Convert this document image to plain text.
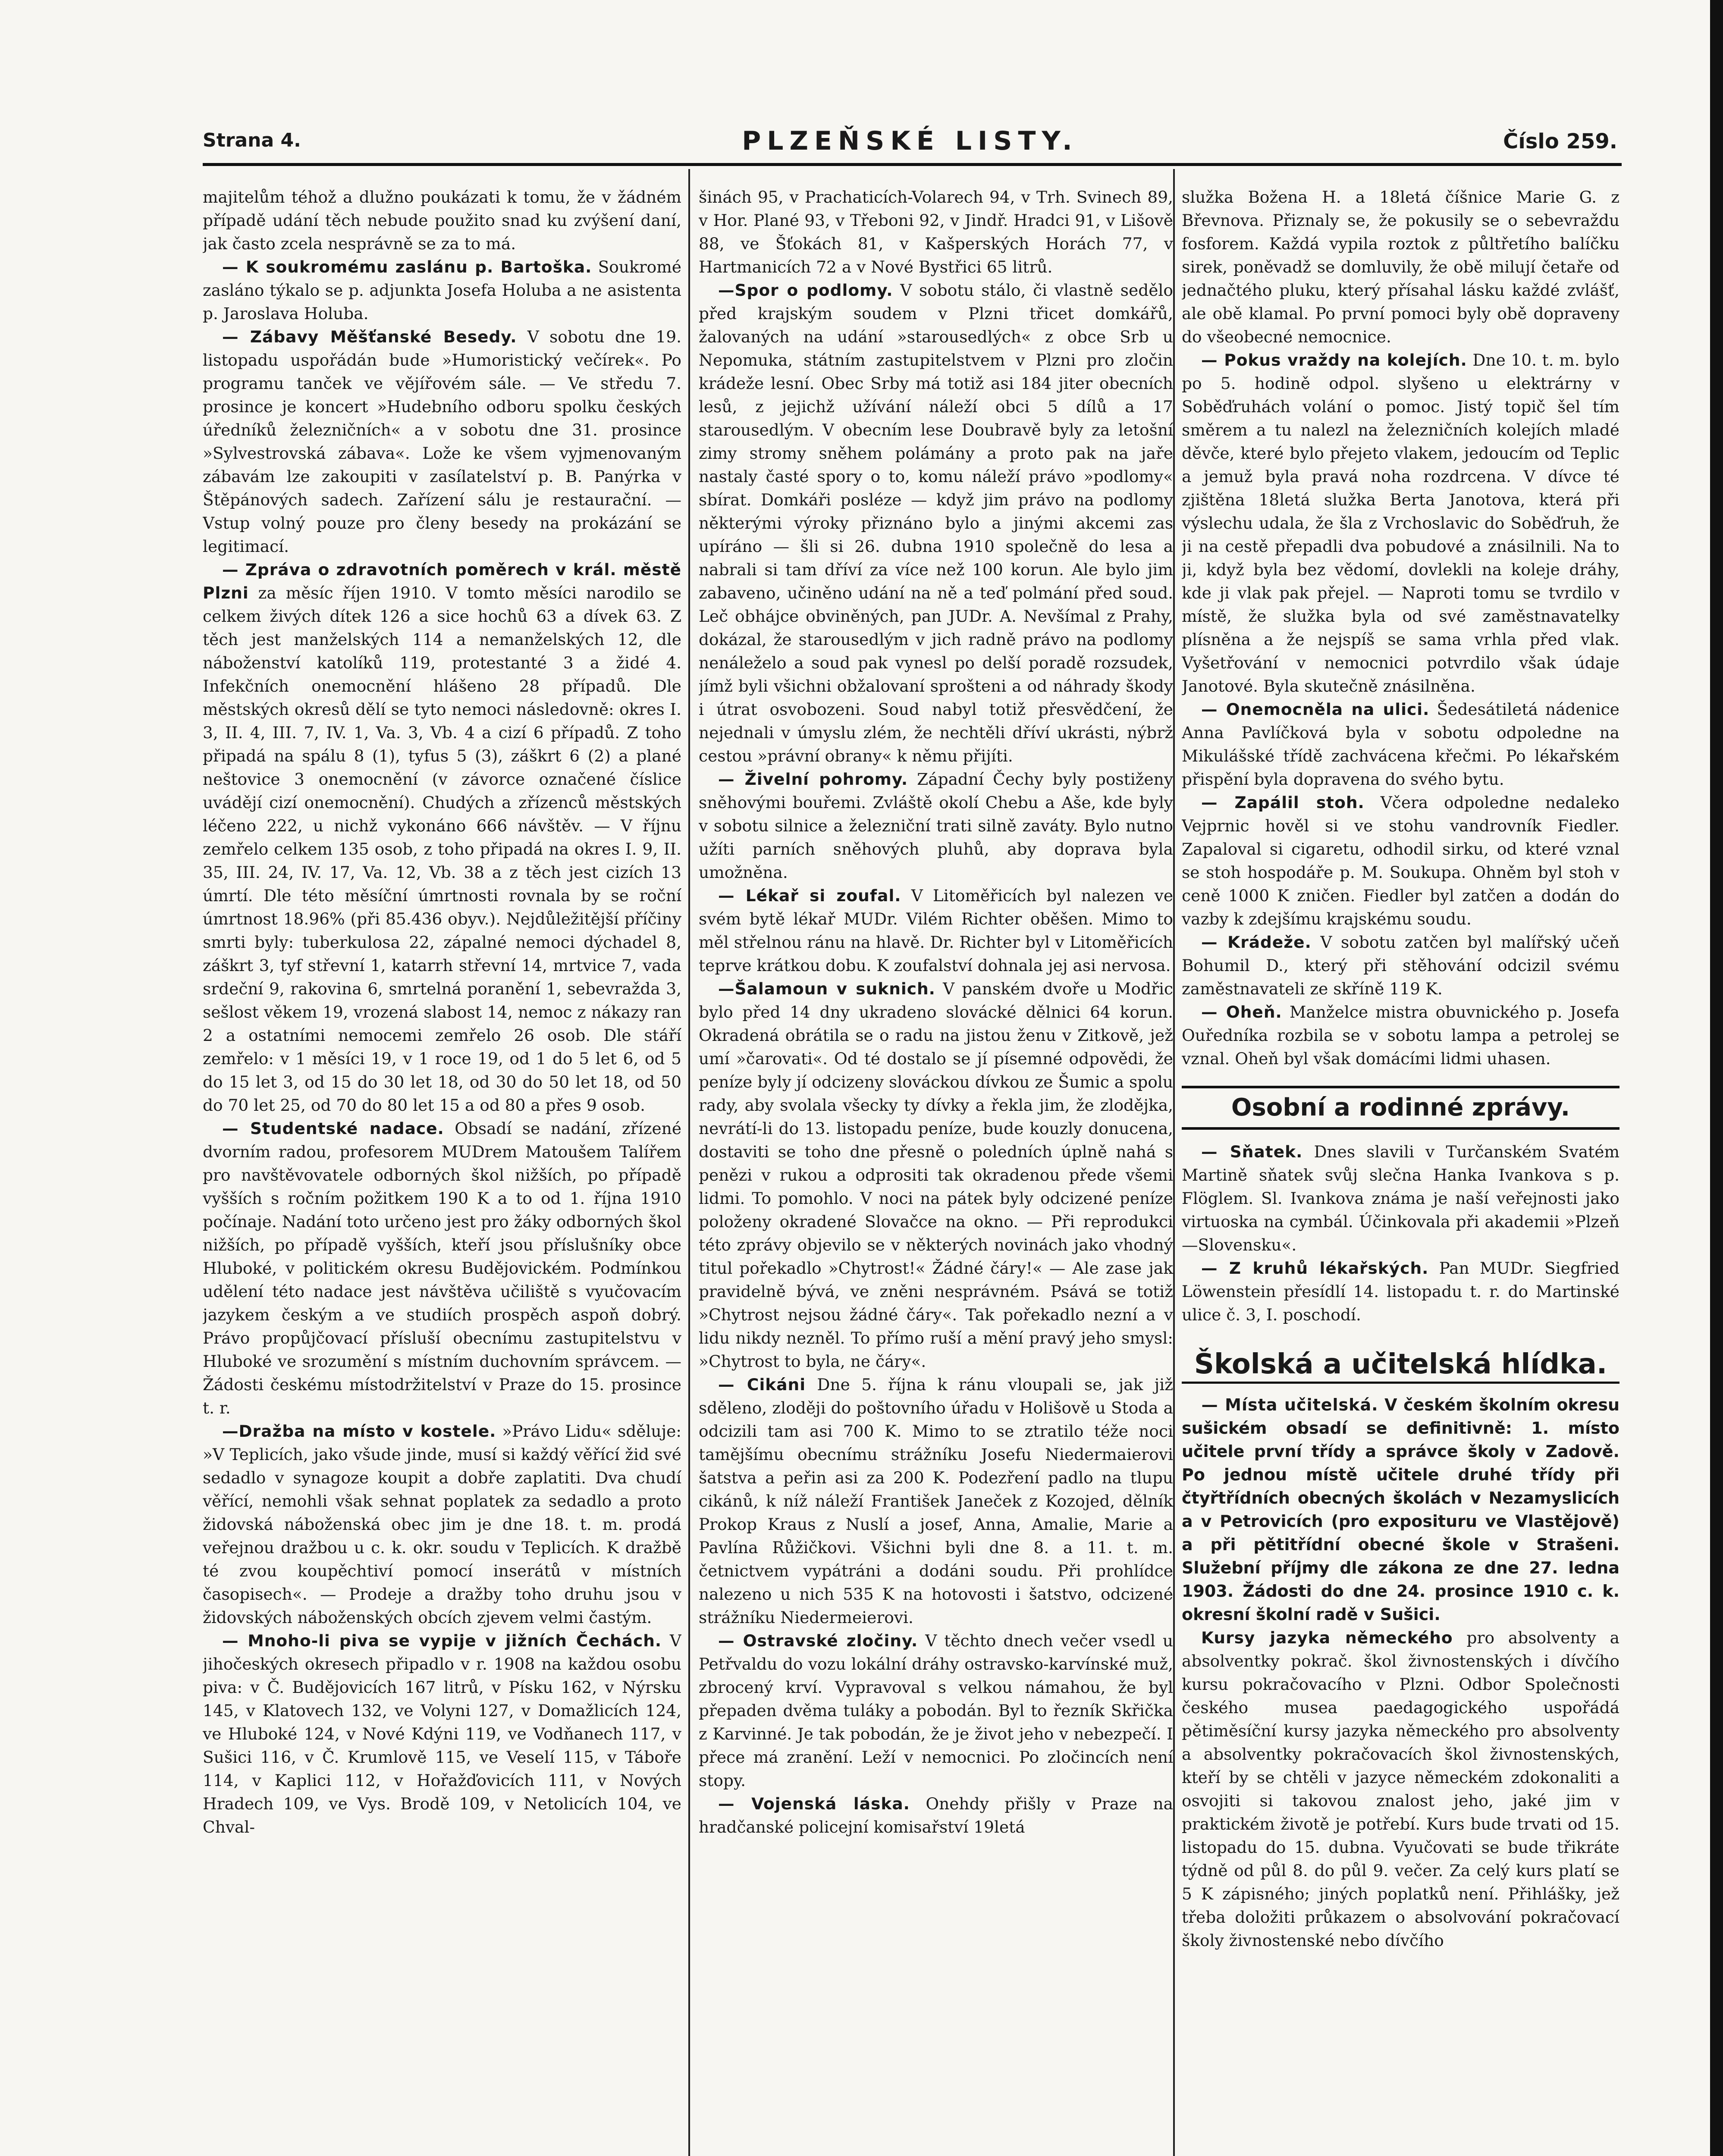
Strana 4.	PLZEŇSKÉ LISTY.	Číslo 259.

majitelům téhož a dlužno poukázati k tomu, že v žádném případě udání těch nebude použito snad ku zvýšení daní, jak často zcela nesprávně se za to má.

— K soukromému zaslánu p. Bartoška. Soukromé zasláno týkalo se p. adjunkta Josefa Holuba a ne asistenta p. Jaroslava Holuba.

— Zábavy Měšťanské Besedy. V sobotu dne 19. listopadu uspořádán bude »Humoristický večírek«. Po programu tanček ve vějířovém sále. — Ve středu 7. prosince je koncert »Hudebního odboru spolku českých úředníků železničních« a v sobotu dne 31. prosince »Sylvestrovská zábava«. Lože ke všem vyjmenovaným zábavám lze zakoupiti v zasílatelství p. B. Panýrka v Štěpánových sadech. Zařízení sálu je restaurační. — Vstup volný pouze pro členy besedy na prokázání se legitimací.

— Zpráva o zdravotních poměrech v král. městě Plzni za měsíc říjen 1910. V tomto měsíci narodilo se celkem živých dítek 126 a sice hochů 63 a dívek 63. Z těch jest manželských 114 a nemanželských 12, dle náboženství katolíků 119, protestanté 3 a židé 4. Infekčních onemocnění hlášeno 28 případů. Dle městských okresů dělí se tyto nemoci následovně: okres I. 3, II. 4, III. 7, IV. 1, Va. 3, Vb. 4 a cizí 6 případů. Z toho připadá na spálu 8 (1), tyfus 5 (3), záškrt 6 (2) a plané neštovice 3 onemocnění (v závorce označené číslice uvádějí cizí onemocnění). Chudých a zřízenců městských léčeno 222, u nichž vykonáno 666 návštěv. — V říjnu zemřelo celkem 135 osob, z toho připadá na okres I. 9, II. 35, III. 24, IV. 17, Va. 12, Vb. 38 a z těch jest cizích 13 úmrtí. Dle této měsíční úmrtnosti rovnala by se roční úmrtnost 18.96% (při 85.436 obyv.). Nejdůležitější příčiny smrti byly: tuberkulosa 22, zápalné nemoci dýchadel 8, záškrt 3, tyf střevní 1, katarrh střevní 14, mrtvice 7, vada srdeční 9, rakovina 6, smrtelná poranění 1, sebevražda 3, sešlost věkem 19, vrozená slabost 14, nemoc z nákazy ran 2 a ostatními nemocemi zemřelo 26 osob. Dle stáří zemřelo: v 1 měsíci 19, v 1 roce 19, od 1 do 5 let 6, od 5 do 15 let 3, od 15 do 30 let 18, od 30 do 50 let 18, od 50 do 70 let 25, od 70 do 80 let 15 a od 80 a přes 9 osob.

— Studentské nadace. Obsadí se nadání, zřízené dvorním radou, profesorem MUDrem Matoušem Talířem pro navštěvovatele odborných škol nižších, po případě vyšších s ročním požitkem 190 K a to od 1. října 1910 počínaje. Nadání toto určeno jest pro žáky odborných škol nižších, po případě vyšších, kteří jsou příslušníky obce Hluboké, v politickém okresu Budějovickém. Podmínkou udělení této nadace jest návštěva učiliště s vyučovacím jazykem českým a ve studiích prospěch aspoň dobrý. Právo propůjčovací přísluší obecnímu zastupitelstvu v Hluboké ve srozumění s místním duchovním správcem. — Žádosti českému místodržitelství v Praze do 15. prosince t. r.

—Dražba na místo v kostele. »Právo Lidu« sděluje: »V Teplicích, jako všude jinde, musí si každý věřící žid své sedadlo v synagoze koupit a dobře zaplatiti. Dva chudí věřící, nemohli však sehnat poplatek za sedadlo a proto židovská náboženská obec jim je dne 18. t. m. prodá veřejnou dražbou u c. k. okr. soudu v Teplicích. K dražbě té zvou koupěchtiví pomocí inserátů v místních časopisech«. — Prodeje a dražby toho druhu jsou v židovských náboženských obcích zjevem velmi častým.

— Mnoho-li piva se vypije v jižních Čechách. V jihočeských okresech připadlo v r. 1908 na každou osobu piva: v Č. Budějovicích 167 litrů, v Písku 162, v Nýrsku 145, v Klatovech 132, ve Volyni 127, v Domažlicích 124, ve Hluboké 124, v Nové Kdýni 119, ve Vodňanech 117, v Sušici 116, v Č. Krumlově 115, ve Veselí 115, v Táboře 114, v Kaplici 112, v Hořažďovicích 111, v Nových Hradech 109, ve Vys. Brodě 109, v Netolicích 104, ve Chval-

šinách 95, v Prachaticích-Volarech 94, v Trh. Svinech 89, v Hor. Plané 93, v Třeboni 92, v Jindř. Hradci 91, v Lišově 88, ve Šťokách 81, v Kašperských Horách 77, v Hartmanicích 72 a v Nové Bystřici 65 litrů.

—Spor o podlomy. V sobotu stálo, či vlastně sedělo před krajským soudem v Plzni třicet domkářů, žalovaných na udání »starousedlých« z obce Srb u Nepomuka, státním zastupitelstvem v Plzni pro zločin krádeže lesní. Obec Srby má totiž asi 184 jiter obecních lesů, z jejichž užívání náleží obci 5 dílů a 17 starousedlým. V obecním lese Doubravě byly za letošní zimy stromy sněhem polámány a proto pak na jaře nastaly časté spory o to, komu náleží právo »podlomy« sbírat. Domkáři posléze — když jim právo na podlomy některými výroky přiznáno bylo a jinými akcemi zas upíráno — šli si 26. dubna 1910 společně do lesa a nabrali si tam dříví za více než 100 korun. Ale bylo jim zabaveno, učiněno udání na ně a teď polmání před soud. Leč obhájce obviněných, pan JUDr. A. Nevšímal z Prahy, dokázal, že starousedlým v jich radně právo na podlomy nenáleželo a soud pak vynesl po delší poradě rozsudek, jímž byli všichni obžalovaní sprošteni a od náhrady škody i útrat osvobozeni. Soud nabyl totiž přesvědčení, že nejednali v úmyslu zlém, že nechtěli dříví ukrásti, nýbrž cestou »právní obrany« k němu přijíti.

— Živelní pohromy. Západní Čechy byly postiženy sněhovými bouřemi. Zvláště okolí Chebu a Aše, kde byly v sobotu silnice a železniční trati silně zaváty. Bylo nutno užíti parních sněhových pluhů, aby doprava byla umožněna.

— Lékař si zoufal. V Litoměřicích byl nalezen ve svém bytě lékař MUDr. Vilém Richter oběšen. Mimo to měl střelnou ránu na hlavě. Dr. Richter byl v Litoměřicích teprve krátkou dobu. K zoufalství dohnala jej asi nervosa.

—Šalamoun v suknich. V panském dvoře u Modřic bylo před 14 dny ukradeno slovácké dělnici 64 korun. Okradená obrátila se o radu na jistou ženu v Zitkově, jež umí »čarovati«. Od té dostalo se jí písemné odpovědi, že peníze byly jí odcizeny slováckou dívkou ze Šumic a spolu rady, aby svolala všecky ty dívky a řekla jim, že zlodějka, nevrátí-li do 13. listopadu peníze, bude kouzly donucena, dostaviti se toho dne přesně o poledních úplně nahá s penězi v rukou a odprositi tak okradenou přede všemi lidmi. To pomohlo. V noci na pátek byly odcizené peníze položeny okradené Slovačce na okno. — Při reprodukci této zprávy objevilo se v některých novinách jako vhodný titul pořekadlo »Chytrost!« Žádné čáry!« — Ale zase jak pravidelně bývá, ve zněni nesprávném. Psává se totiž »Chytrost nejsou žádné čáry«. Tak pořekadlo nezní a v lidu nikdy nezněl. To přímo ruší a mění pravý jeho smysl: »Chytrost to byla, ne čáry«.

— Cikáni Dne 5. října k ránu vloupali se, jak již sděleno, zloději do poštovního úřadu v Holišově u Stoda a odcizili tam asi 700 K. Mimo to se ztratilo téže noci tamějšímu obecnímu strážníku Josefu Niedermaierovi šatstva a peřin asi za 200 K. Podezření padlo na tlupu cikánů, k níž náleží František Janeček z Kozojed, dělník Prokop Kraus z Nuslí a josef, Anna, Amalie, Marie a Pavlína Růžičkovi. Všichni byli dne 8. a 11. t. m. četnictvem vypátráni a dodáni soudu. Při prohlídce nalezeno u nich 535 K na hotovosti i šatstvo, odcizené strážníku Niedermeierovi.

— Ostravské zločiny. V těchto dnech večer vsedl u Petřvaldu do vozu lokální dráhy ostravsko-karvínské muž, zbrocený krví. Vypravoval s velkou námahou, že byl přepaden dvěma tuláky a pobodán. Byl to řezník Skřička z Karvinné. Je tak pobodán, že je život jeho v nebezpečí. I přece má zranění. Leží v nemocnici. Po zločincích není stopy.

— Vojenská láska. Onehdy přišly v Praze na hradčanské policejní komisařství 19letá

služka Božena H. a 18letá číšnice Marie G. z Břevnova. Přiznaly se, že pokusily se o sebevraždu fosforem. Každá vypila roztok z půltřetího balíčku sirek, poněvadž se domluvily, že obě milují četaře od jednačtého pluku, který přísahal lásku každé zvlášť, ale obě klamal. Po první pomoci byly obě dopraveny do všeobecné nemocnice.

— Pokus vraždy na kolejích. Dne 10. t. m. bylo po 5. hodině odpol. slyšeno u elektrárny v Soběďruhách volání o pomoc. Jistý topič šel tím směrem a tu nalezl na železničních kolejích mladé děvče, které bylo přejeto vlakem, jedoucím od Teplic a jemuž byla pravá noha rozdrcena. V dívce té zjištěna 18letá služka Berta Janotova, která při výslechu udala, že šla z Vrchoslavic do Soběďruh, že ji na cestě přepadli dva pobudové a znásilnili. Na to ji, když byla bez vědomí, dovlekli na koleje dráhy, kde ji vlak pak přejel. — Naproti tomu se tvrdilo v místě, že služka byla od své zaměstnavatelky plísněna a že nejspíš se sama vrhla před vlak. Vyšetřování v nemocnici potvrdilo však údaje Janotové. Byla skutečně znásilněna.

— Onemocněla na ulici. Šedesátiletá nádenice Anna Pavlíčková byla v sobotu odpoledne na Mikulášské třídě zachvácena křečmi. Po lékařském přispění byla dopravena do svého bytu.

— Zapálil stoh. Včera odpoledne nedaleko Vejprnic hověl si ve stohu vandrovník Fiedler. Zapaloval si cigaretu, odhodil sirku, od které vznal se stoh hospodáře p. M. Soukupa. Ohněm byl stoh v ceně 1000 K zničen. Fiedler byl zatčen a dodán do vazby k zdejšímu krajskému soudu.

— Krádeže. V sobotu zatčen byl malířský učeň Bohumil D., který při stěhování odcizil svému zaměstnavateli ze skříně 119 K.

— Oheň. Manželce mistra obuvnického p. Josefa Ouředníka rozbila se v sobotu lampa a petrolej se vznal. Oheň byl však domácími lidmi uhasen.

Osobní a rodinné zprávy.

— Sňatek. Dnes slavili v Turčanském Svatém Martině sňatek svůj slečna Hanka Ivankova s p. Flöglem. Sl. Ivankova známa je naší veřejnosti jako virtuoska na cymbál. Účinkovala při akademii »Plzeň—Slovensku«.

— Z kruhů lékařských. Pan MUDr. Siegfried Löwenstein přesídlí 14. listopadu t. r. do Martinské ulice č. 3, I. poschodí.

Školská a učitelská hlídka.

— Místa učitelská. V českém školním okresu sušickém obsadí se definitivně: 1. místo učitele první třídy a správce školy v Zadově. Po jednou místě učitele druhé třídy při čtyřtřídních obecných školách v Nezamyslicích a v Petrovicích (pro exposituru ve Vlastějově) a při pětitřídní obecné škole v Strašeni. Služební příjmy dle zákona ze dne 27. ledna 1903. Žádosti do dne 24. prosince 1910 c. k. okresní školní radě v Sušici.

Kursy jazyka německého pro absolventy a absolventky pokrač. škol živnostenských i dívčího kursu pokračovacího v Plzni. Odbor Společnosti českého musea paedagogického uspořádá pětiměsíční kursy jazyka německého pro absolventy a absolventky pokračovacích škol živnostenských, kteří by se chtěli v jazyce německém zdokonaliti a osvojiti si takovou znalost jeho, jaké jim v praktickém životě je potřebí. Kurs bude trvati od 15. listopadu do 15. dubna. Vyučovati se bude třikráte týdně od půl 8. do půl 9. večer. Za celý kurs platí se 5 K zápisného; jiných poplatků není. Přihlášky, jež třeba doložiti průkazem o absolvování pokračovací školy živnostenské nebo dívčího
